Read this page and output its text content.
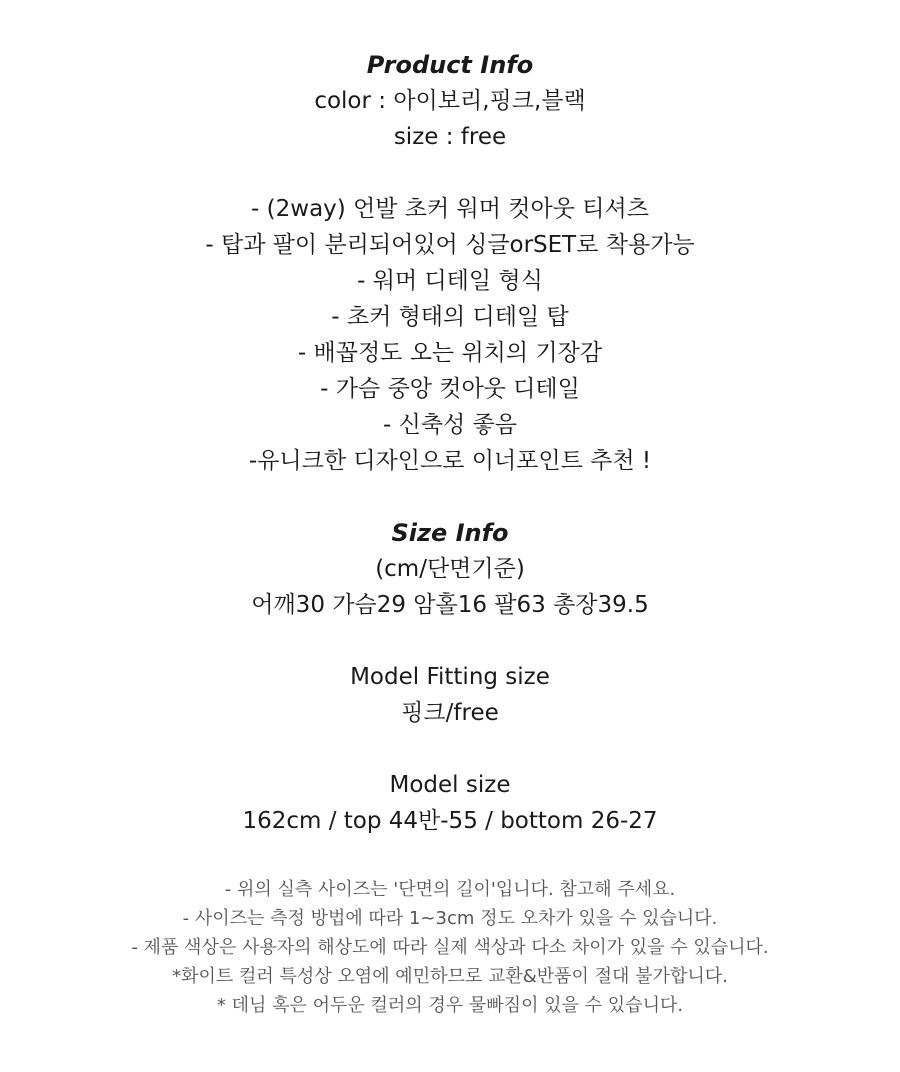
Product Info
color : 아이보리,핑크,블랙
size : free
- (2way) 언발 초커 워머 컷아웃 티셔츠
- 탑과 팔이 분리되어있어 싱글orSET로 착용가능
- 워머 디테일 형식
- 초커 형태의 디테일 탑
- 배꼽정도 오는 위치의 기장감
- 가슴 중앙 컷아웃 디테일
- 신축성 좋음
-유니크한 디자인으로 이너포인트 추천 !
Size Info
(cm/단면기준)
어깨30 가슴29 암홀16 팔63 총장39.5
Model Fitting size
핑크/free
Model size
162cm / top 44반-55 / bottom 26-27
- 위의 실측 사이즈는 '단면의 길이'입니다. 참고해 주세요.
- 사이즈는 측정 방법에 따라 1~3cm 정도 오차가 있을 수 있습니다.
- 제품 색상은 사용자의 해상도에 따라 실제 색상과 다소 차이가 있을 수 있습니다.
*화이트 컬러 특성상 오염에 예민하므로 교환&반품이 절대 불가합니다.
* 데님 혹은 어두운 컬러의 경우 물빠짐이 있을 수 있습니다.
